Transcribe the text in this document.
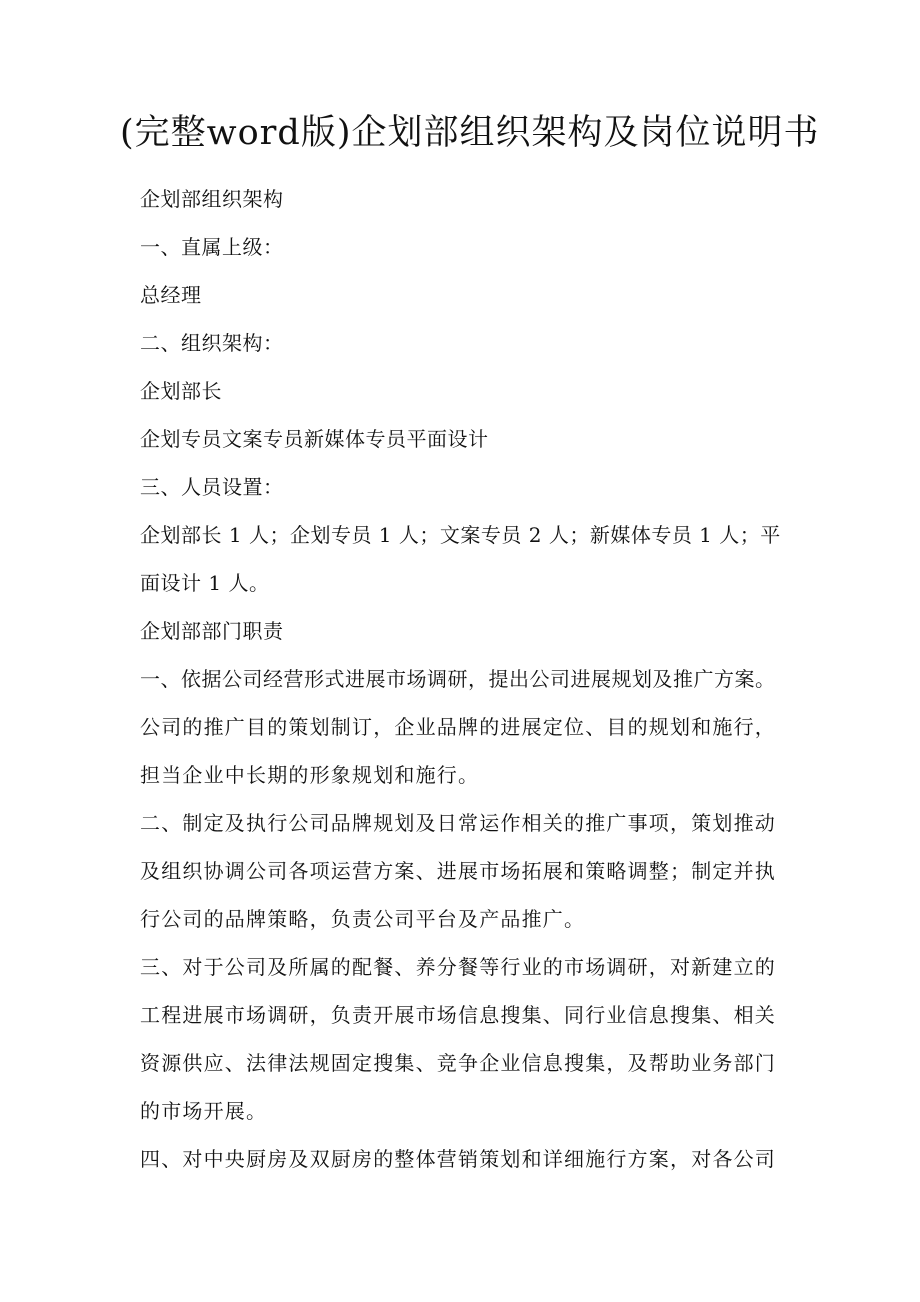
(完整word版)企划部组织架构及岗位说明书
企划部组织架构
一、直属上级：
总经理
二、组织架构：
企划部长
企划专员文案专员新媒体专员平面设计
三、人员设置：
企划部长 1 人；企划专员 1 人；文案专员 2 人；新媒体专员 1 人；平
面设计 1 人。
企划部部门职责
一、依据公司经营形式进展市场调研，提出公司进展规划及推广方案。
公司的推广目的策划制订，企业品牌的进展定位、目的规划和施行，
担当企业中长期的形象规划和施行。
二、制定及执行公司品牌规划及日常运作相关的推广事项，策划推动
及组织协调公司各项运营方案、进展市场拓展和策略调整；制定并执
行公司的品牌策略，负责公司平台及产品推广。
三、对于公司及所属的配餐、养分餐等行业的市场调研，对新建立的
工程进展市场调研，负责开展市场信息搜集、同行业信息搜集、相关
资源供应、法律法规固定搜集、竞争企业信息搜集，及帮助业务部门
的市场开展。
四、对中央厨房及双厨房的整体营销策划和详细施行方案，对各公司
